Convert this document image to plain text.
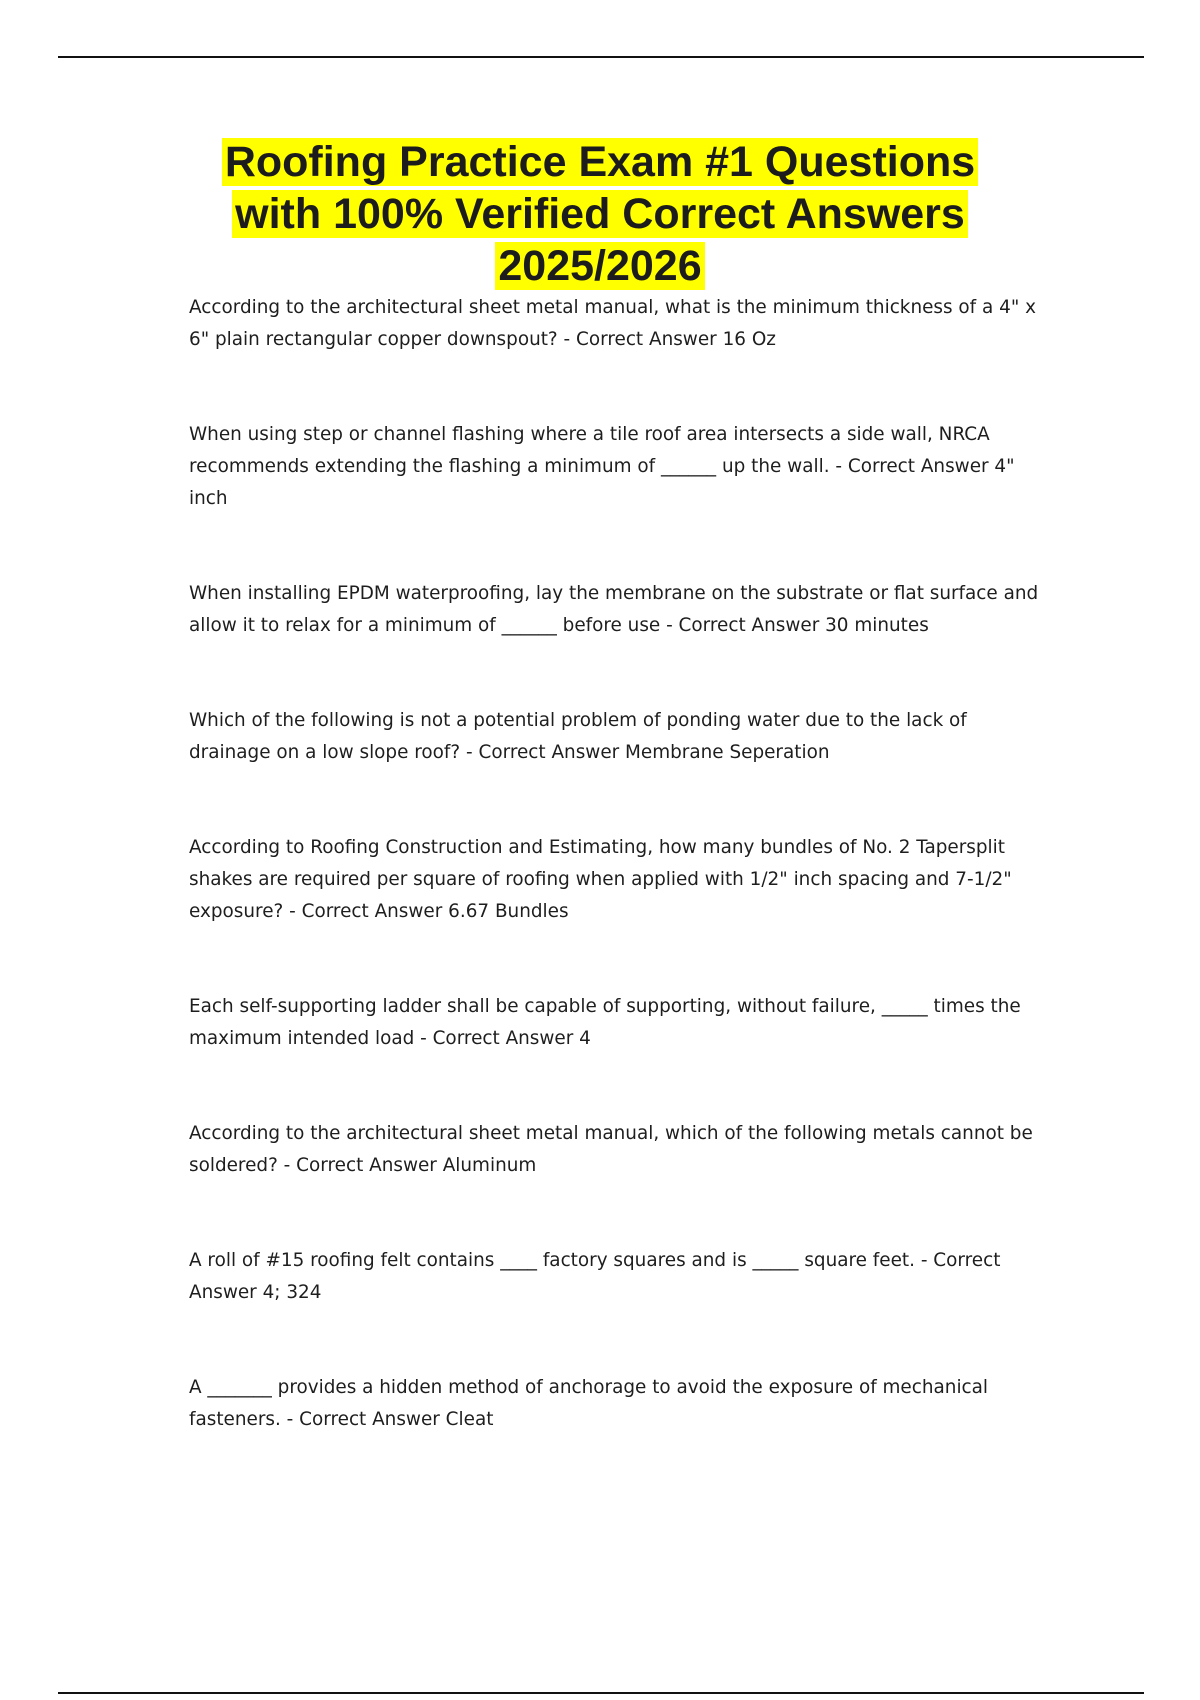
Roofing Practice Exam #1 Questions
with 100% Verified Correct Answers
2025/2026
According to the architectural sheet metal manual, what is the minimum thickness of a 4" x
6" plain rectangular copper downspout? - Correct Answer 16 Oz
When using step or channel flashing where a tile roof area intersects a side wall, NRCA
recommends extending the flashing a minimum of ______ up the wall. - Correct Answer 4"
inch
When installing EPDM waterproofing, lay the membrane on the substrate or flat surface and
allow it to relax for a minimum of ______ before use - Correct Answer 30 minutes
Which of the following is not a potential problem of ponding water due to the lack of
drainage on a low slope roof? - Correct Answer Membrane Seperation
According to Roofing Construction and Estimating, how many bundles of No. 2 Tapersplit
shakes are required per square of roofing when applied with 1/2" inch spacing and 7-1/2"
exposure? - Correct Answer 6.67 Bundles
Each self-supporting ladder shall be capable of supporting, without failure, _____ times the
maximum intended load - Correct Answer 4
According to the architectural sheet metal manual, which of the following metals cannot be
soldered? - Correct Answer Aluminum
A roll of #15 roofing felt contains ____ factory squares and is _____ square feet. - Correct
Answer 4; 324
A _______ provides a hidden method of anchorage to avoid the exposure of mechanical
fasteners. - Correct Answer Cleat
